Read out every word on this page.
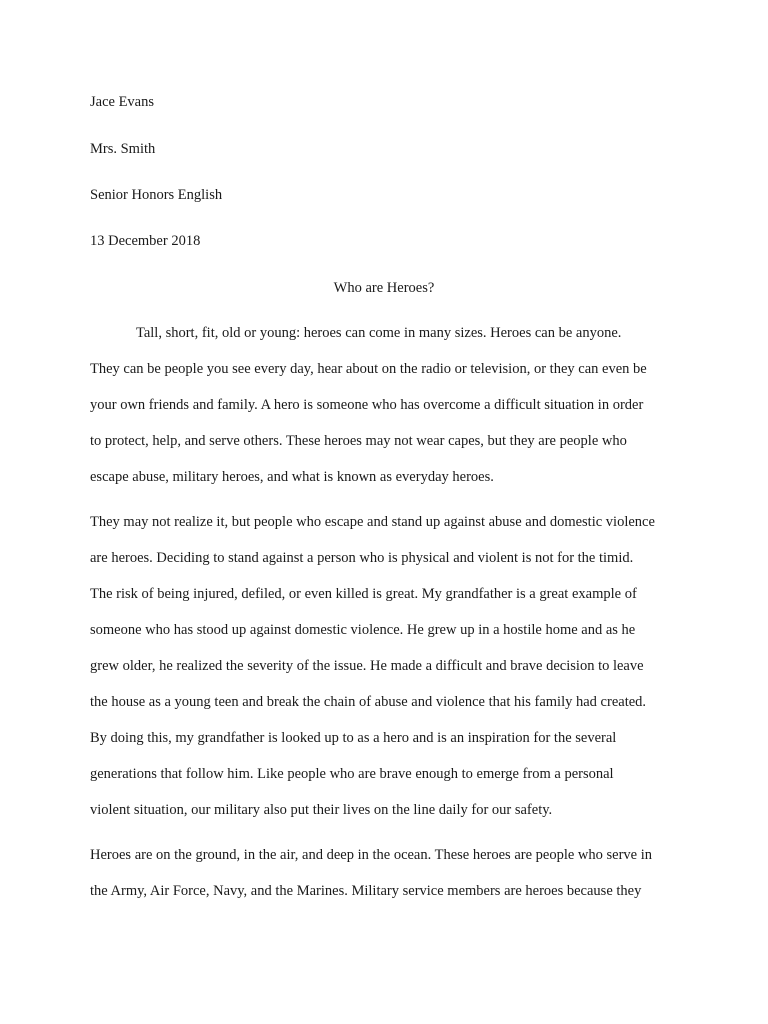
Jace Evans
Mrs. Smith
Senior Honors English
13 December 2018
Who are Heroes?
Tall, short, fit, old or young: heroes can come in many sizes. Heroes can be anyone.
They can be people you see every day, hear about on the radio or television, or they can even be
your own friends and family. A hero is someone who has overcome a difficult situation in order
to protect, help, and serve others. These heroes may not wear capes, but they are people who
escape abuse, military heroes, and what is known as everyday heroes.
They may not realize it, but people who escape and stand up against abuse and domestic violence
are heroes. Deciding to stand against a person who is physical and violent is not for the timid.
The risk of being injured, defiled, or even killed is great. My grandfather is a great example of
someone who has stood up against domestic violence. He grew up in a hostile home and as he
grew older, he realized the severity of the issue. He made a difficult and brave decision to leave
the house as a young teen and break the chain of abuse and violence that his family had created.
By doing this, my grandfather is looked up to as a hero and is an inspiration for the several
generations that follow him. Like people who are brave enough to emerge from a personal
violent situation, our military also put their lives on the line daily for our safety.
Heroes are on the ground, in the air, and deep in the ocean. These heroes are people who serve in
the Army, Air Force, Navy, and the Marines. Military service members are heroes because they
